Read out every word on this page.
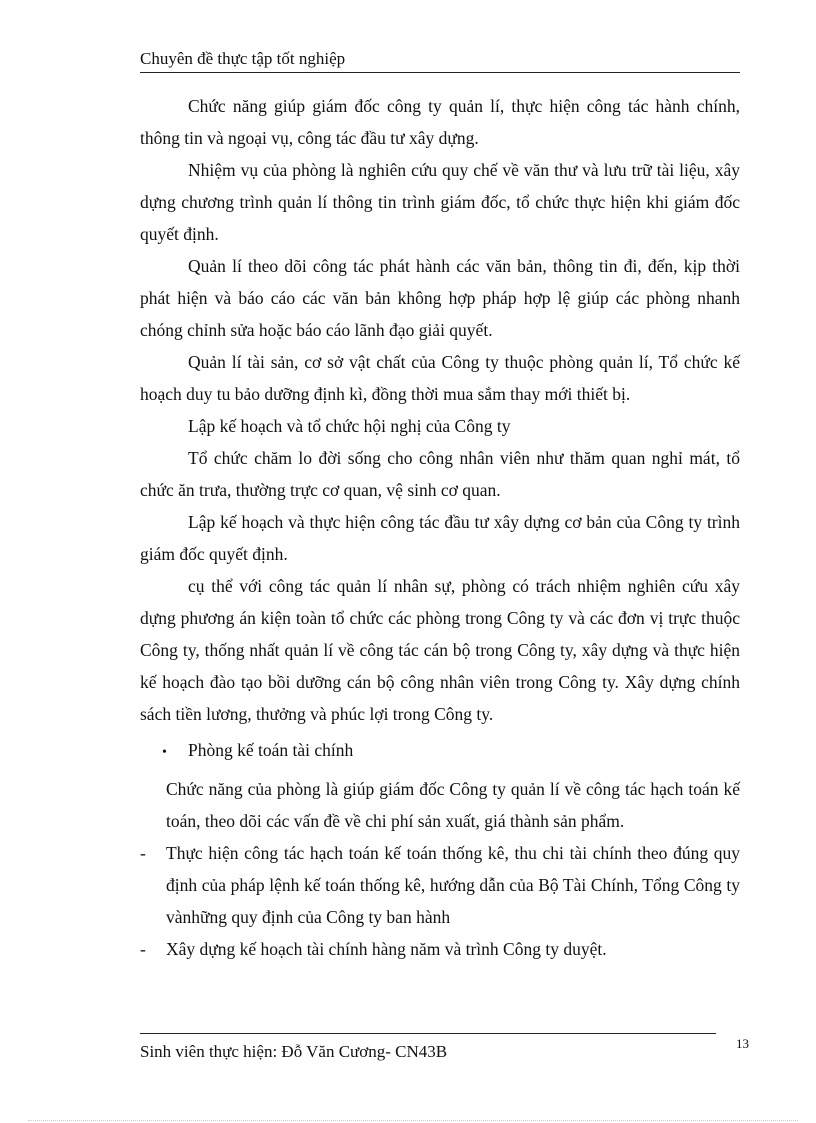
Chuyên đề thực tập tốt nghiệp

Chức năng giúp giám đốc công ty quản lí, thực hiện công tác hành chính, thông tin và ngoại vụ, công tác đầu tư xây dựng.

Nhiệm vụ của phòng là nghiên cứu quy chế về văn thư và lưu trữ tài liệu, xây dựng chương trình quản lí thông tin trình giám đốc, tổ chức thực hiện khi giám đốc quyết định.

Quản lí theo dõi công tác phát hành các văn bản, thông tin đi, đến, kịp thời phát hiện và báo cáo các văn bản không hợp pháp hợp lệ giúp các phòng nhanh chóng chỉnh sửa hoặc báo cáo lãnh đạo giải quyết.

Quản lí tài sản, cơ sở vật chất của Công ty thuộc phòng quản lí, Tổ chức kế hoạch duy tu bảo dưỡng định kì, đồng thời mua sắm thay mới thiết bị.

Lập kế hoạch và tổ chức hội nghị của Công ty

Tổ chức chăm lo đời sống cho công nhân viên như thăm quan nghỉ mát, tổ chức ăn trưa, thường trực cơ quan, vệ sinh cơ quan.

Lập kế hoạch và thực hiện công tác đầu tư xây dựng cơ bản của Công ty trình giám đốc quyết định.

cụ thể với công tác quản lí nhân sự, phòng có trách nhiệm nghiên cứu xây dựng phương án kiện toàn tổ chức các phòng trong Công ty và các đơn vị trực thuộc Công ty, thống nhất quản lí về công tác cán bộ trong Công ty, xây dựng và thực hiện kế hoạch đào tạo bồi dưỡng cán bộ công nhân viên trong Công ty. Xây dựng chính sách tiền lương, thưởng và phúc lợi trong Công ty.

•	Phòng kế toán tài chính

Chức năng của phòng là giúp giám đốc Công ty quản lí về công tác hạch toán kế toán, theo dõi các vấn đề về chi phí sản xuất, giá thành sản phẩm.

-	Thực hiện công tác hạch toán kế toán thống kê, thu chi tài chính theo đúng quy định của pháp lệnh kế toán thống kê, hướng dẫn của Bộ Tài Chính, Tổng Công ty vànhững quy định của Công ty ban hành

-	Xây dựng kế hoạch tài chính hàng năm và trình Công ty duyệt.

Sinh viên thực hiện: Đỗ Văn Cương- CN43B	13
